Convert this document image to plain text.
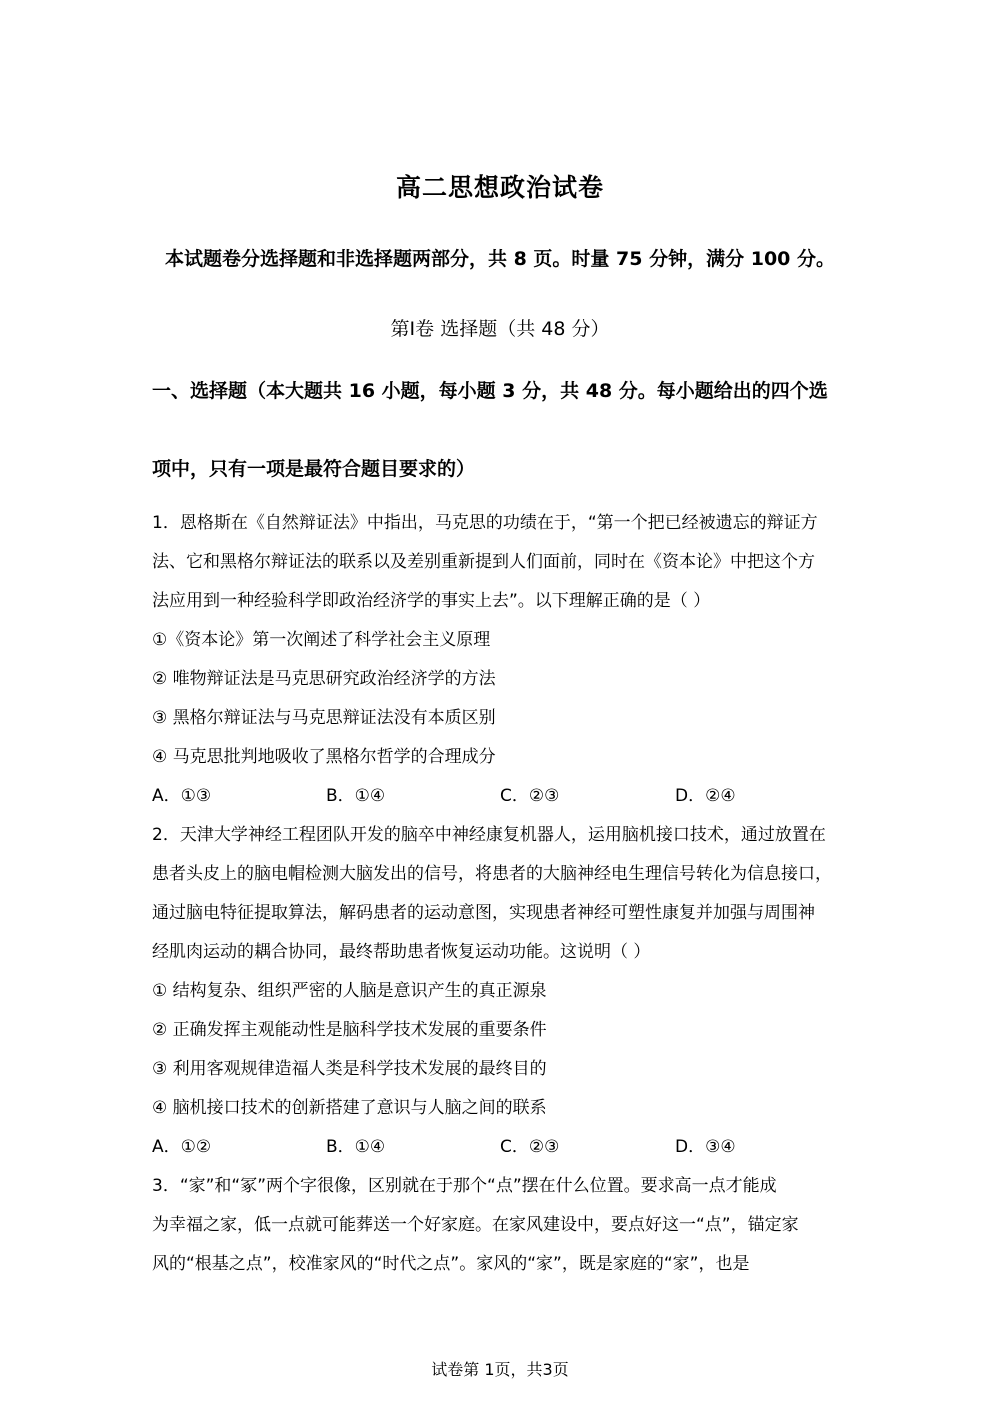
高二思想政治试卷
本试题卷分选择题和非选择题两部分，共 8 页。时量 75 分钟，满分 100 分。
第Ⅰ卷 选择题（共 48 分）
一、选择题（本大题共 16 小题，每小题 3 分，共 48 分。每小题给出的四个选
项中，只有一项是最符合题目要求的）
1．恩格斯在《自然辩证法》中指出，马克思的功绩在于，“第一个把已经被遗忘的辩证方
法、它和黑格尔辩证法的联系以及差别重新提到人们面前，同时在《资本论》中把这个方
法应用到一种经验科学即政治经济学的事实上去”。以下理解正确的是（ ）
①《资本论》第一次阐述了科学社会主义原理
② 唯物辩证法是马克思研究政治经济学的方法
③ 黑格尔辩证法与马克思辩证法没有本质区别
④ 马克思批判地吸收了黑格尔哲学的合理成分
A．①③	B．①④	C．②③	D．②④
2．天津大学神经工程团队开发的脑卒中神经康复机器人，运用脑机接口技术，通过放置在
患者头皮上的脑电帽检测大脑发出的信号，将患者的大脑神经电生理信号转化为信息接口，
通过脑电特征提取算法，解码患者的运动意图，实现患者神经可塑性康复并加强与周围神
经肌肉运动的耦合协同，最终帮助患者恢复运动功能。这说明（ ）
① 结构复杂、组织严密的人脑是意识产生的真正源泉
② 正确发挥主观能动性是脑科学技术发展的重要条件
③ 利用客观规律造福人类是科学技术发展的最终目的
④ 脑机接口技术的创新搭建了意识与人脑之间的联系
A．①②	B．①④	C．②③	D．③④
3．“家”和“冢”两个字很像，区别就在于那个“点”摆在什么位置。要求高一点才能成
为幸福之家，低一点就可能葬送一个好家庭。在家风建设中，要点好这一“点”，锚定家
风的“根基之点”，校准家风的“时代之点”。家风的“家”，既是家庭的“家”，也是
试卷第 1页，共3页
